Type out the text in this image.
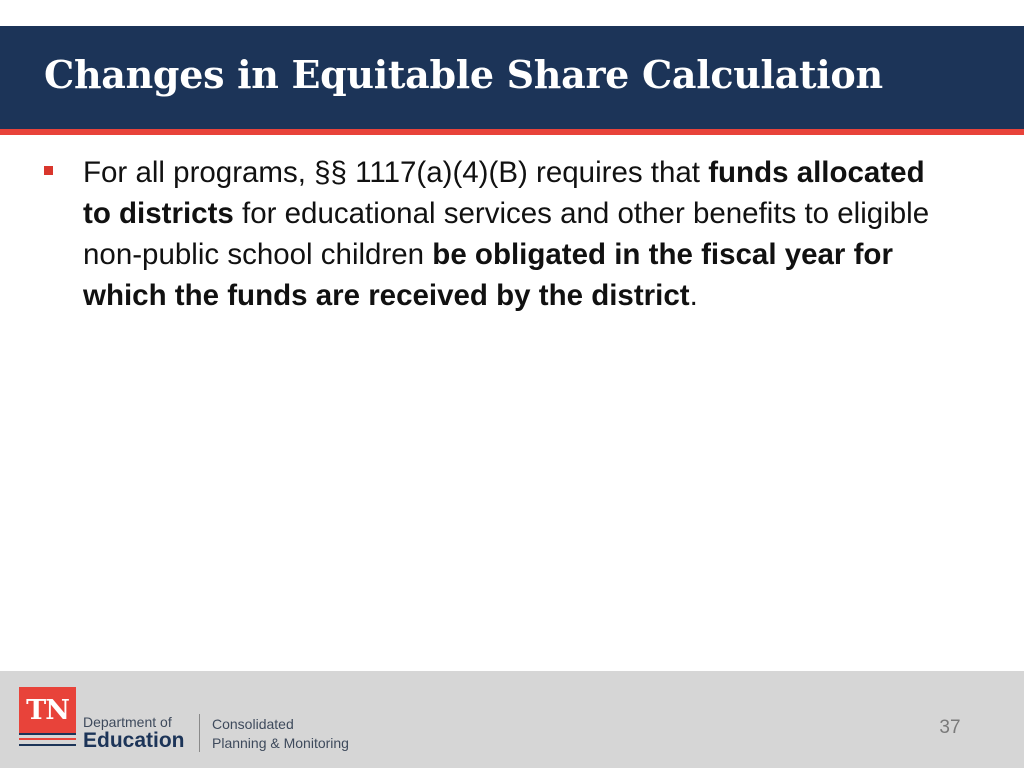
Changes in Equitable Share Calculation
For all programs, §§ 1117(a)(4)(B) requires that funds allocated to districts for educational services and other benefits to eligible non-public school children be obligated in the fiscal year for which the funds are received by the district.
TN	Department of
Education
Consolidated
Planning & Monitoring
37
